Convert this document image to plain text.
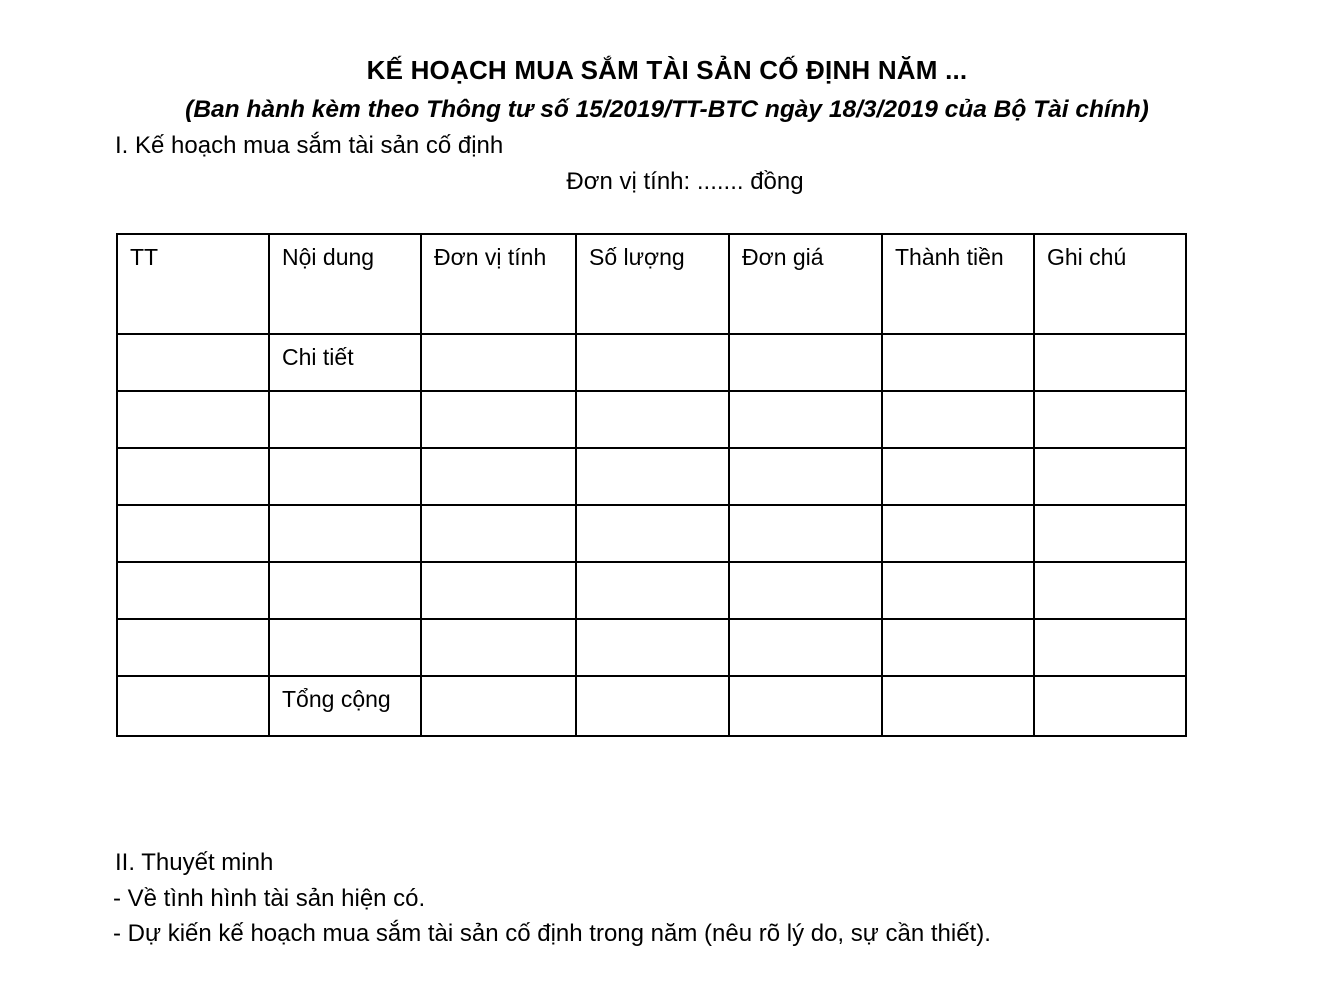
KẾ HOẠCH MUA SẮM TÀI SẢN CỐ ĐỊNH NĂM ...
(Ban hành kèm theo Thông tư số 15/2019/TT-BTC ngày 18/3/2019 của Bộ Tài chính)
I. Kế hoạch mua sắm tài sản cố định
Đơn vị tính: ....... đồng
TT	Nội dung	Đơn vị tính	Số lượng	Đơn giá	Thành tiền	Ghi chú
	Chi tiết					

	Tổng cộng					
II. Thuyết minh
- Về tình hình tài sản hiện có.
- Dự kiến kế hoạch mua sắm tài sản cố định trong năm (nêu rõ lý do, sự cần thiết).
